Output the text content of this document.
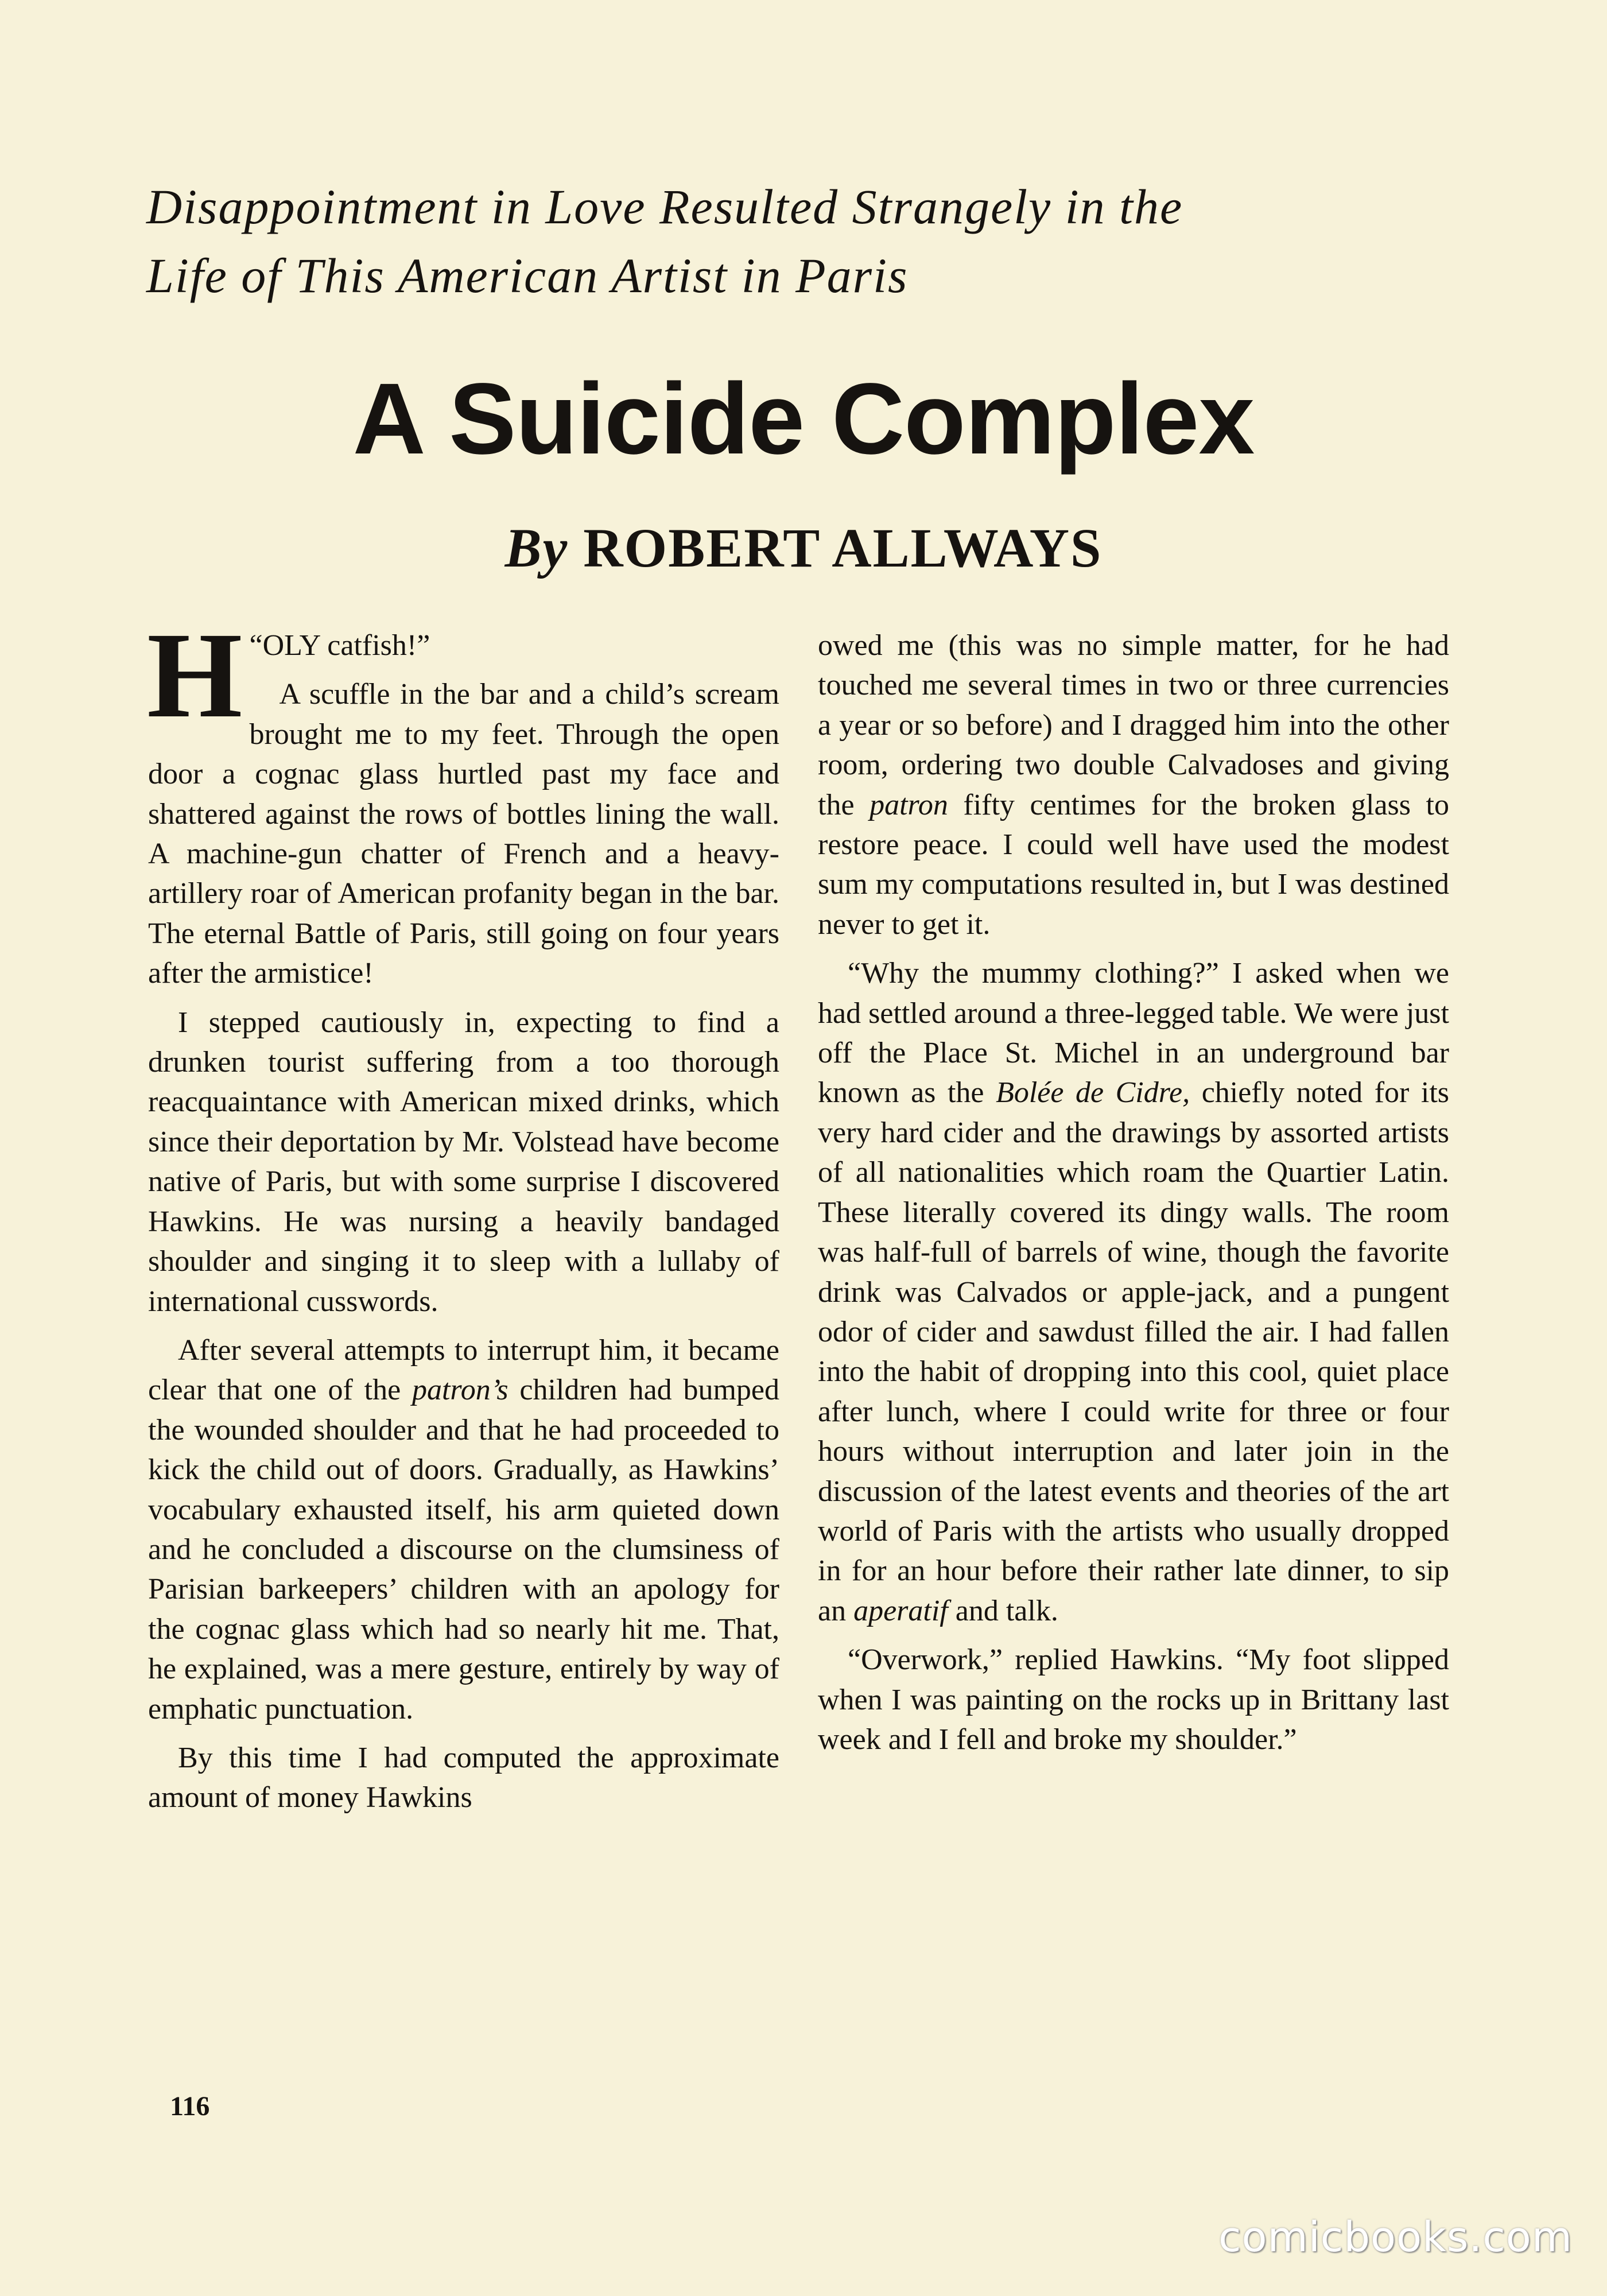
Disappointment in Love Resulted Strangely in the
Life of This American Artist in Paris
A Suicide Complex
By ROBERT ALLWAYS

“
H OLY catfish!”

A scuffle in the bar and a child’s scream brought me to my feet. Through the open door a cognac glass hurtled past my face and shattered against the rows of bottles lining the wall. A machine-gun chatter of French and a heavy-artillery roar of American profanity began in the bar. The eternal Battle of Paris, still going on four years after the armistice!

I stepped cautiously in, expecting to find a drunken tourist suffering from a too thorough reacquaintance with American mixed drinks, which since their deportation by Mr. Volstead have become native of Paris, but with some surprise I discovered Hawkins. He was nursing a heavily bandaged shoulder and singing it to sleep with a lullaby of international cusswords.

After several attempts to interrupt him, it became clear that one of the patron’s children had bumped the wounded shoulder and that he had proceeded to kick the child out of doors. Gradually, as Hawkins’ vocabulary exhausted itself, his arm quieted down and he concluded a discourse on the clumsiness of Parisian barkeepers’ children with an apology for the cognac glass which had so nearly hit me. That, he explained, was a mere gesture, entirely by way of emphatic punctuation.

By this time I had computed the approximate amount of money Hawkins

owed me (this was no simple matter, for he had touched me several times in two or three currencies a year or so before) and I dragged him into the other room, ordering two double Calvadoses and giving the patron fifty centimes for the broken glass to restore peace. I could well have used the modest sum my computations resulted in, but I was destined never to get it.

“Why the mummy clothing?” I asked when we had settled around a three-legged table. We were just off the Place St. Michel in an underground bar known as the Bolée de Cidre, chiefly noted for its very hard cider and the drawings by assorted artists of all nationalities which roam the Quartier Latin. These literally covered its dingy walls. The room was half-full of barrels of wine, though the favorite drink was Calvados or apple-jack, and a pungent odor of cider and sawdust filled the air. I had fallen into the habit of dropping into this cool, quiet place after lunch, where I could write for three or four hours without interruption and later join in the discussion of the latest events and theories of the art world of Paris with the artists who usually dropped in for an hour before their rather late dinner, to sip an aperatif and talk.

“Overwork,” replied Hawkins. “My foot slipped when I was painting on the rocks up in Brittany last week and I fell and broke my shoulder.”

116
comicbooks.com
